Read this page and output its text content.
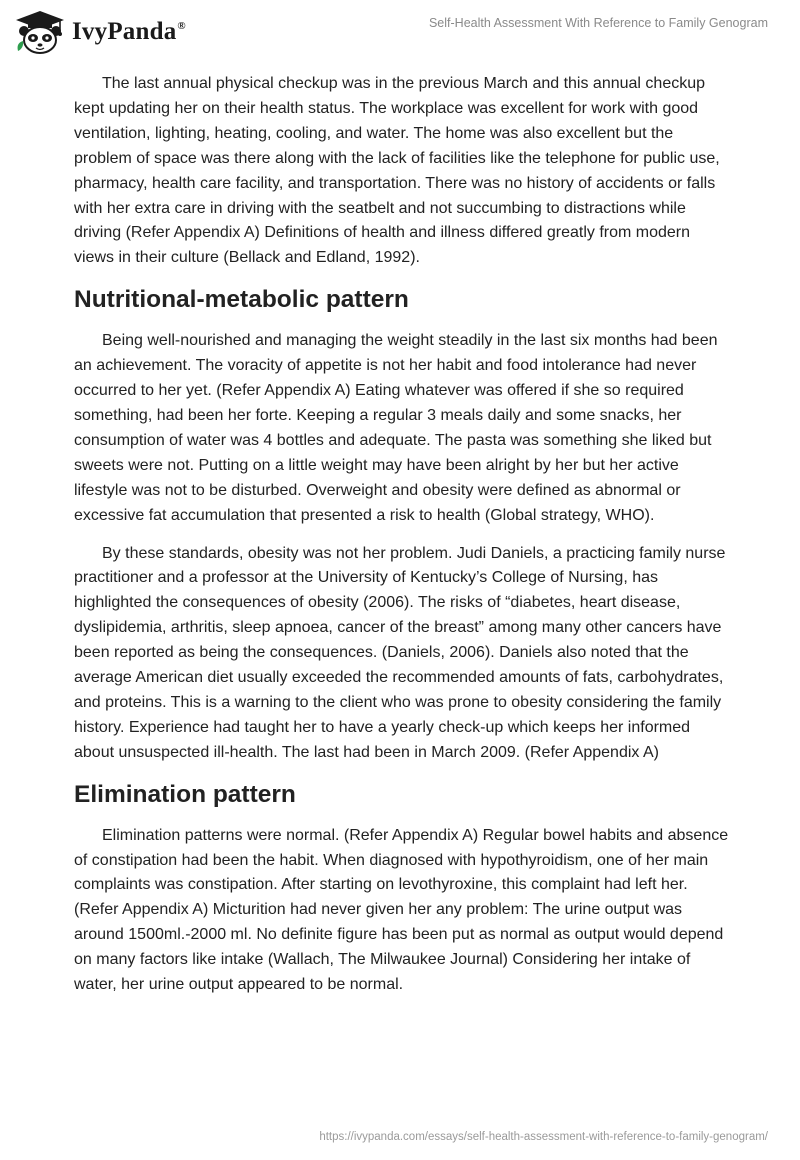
IvyPanda®	Self-Health Assessment With Reference to Family Genogram

The last annual physical checkup was in the previous March and this annual checkup kept updating her on their health status. The workplace was excellent for work with good ventilation, lighting, heating, cooling, and water. The home was also excellent but the problem of space was there along with the lack of facilities like the telephone for public use, pharmacy, health care facility, and transportation. There was no history of accidents or falls with her extra care in driving with the seatbelt and not succumbing to distractions while driving (Refer Appendix A) Definitions of health and illness differed greatly from modern views in their culture (Bellack and Edland, 1992).

Nutritional-metabolic pattern

Being well-nourished and managing the weight steadily in the last six months had been an achievement. The voracity of appetite is not her habit and food intolerance had never occurred to her yet. (Refer Appendix A) Eating whatever was offered if she so required something, had been her forte. Keeping a regular 3 meals daily and some snacks, her consumption of water was 4 bottles and adequate. The pasta was something she liked but sweets were not. Putting on a little weight may have been alright by her but her active lifestyle was not to be disturbed. Overweight and obesity were defined as abnormal or excessive fat accumulation that presented a risk to health (Global strategy, WHO).

By these standards, obesity was not her problem. Judi Daniels, a practicing family nurse practitioner and a professor at the University of Kentucky’s College of Nursing, has highlighted the consequences of obesity (2006). The risks of “diabetes, heart disease, dyslipidemia, arthritis, sleep apnoea, cancer of the breast” among many other cancers have been reported as being the consequences. (Daniels, 2006). Daniels also noted that the average American diet usually exceeded the recommended amounts of fats, carbohydrates, and proteins. This is a warning to the client who was prone to obesity considering the family history. Experience had taught her to have a yearly check-up which keeps her informed about unsuspected ill-health. The last had been in March 2009. (Refer Appendix A)

Elimination pattern

Elimination patterns were normal. (Refer Appendix A) Regular bowel habits and absence of constipation had been the habit. When diagnosed with hypothyroidism, one of her main complaints was constipation. After starting on levothyroxine, this complaint had left her. (Refer Appendix A) Micturition had never given her any problem: The urine output was around 1500ml.-2000 ml. No definite figure has been put as normal as output would depend on many factors like intake (Wallach, The Milwaukee Journal) Considering her intake of water, her urine output appeared to be normal.

https://ivypanda.com/essays/self-health-assessment-with-reference-to-family-genogram/
